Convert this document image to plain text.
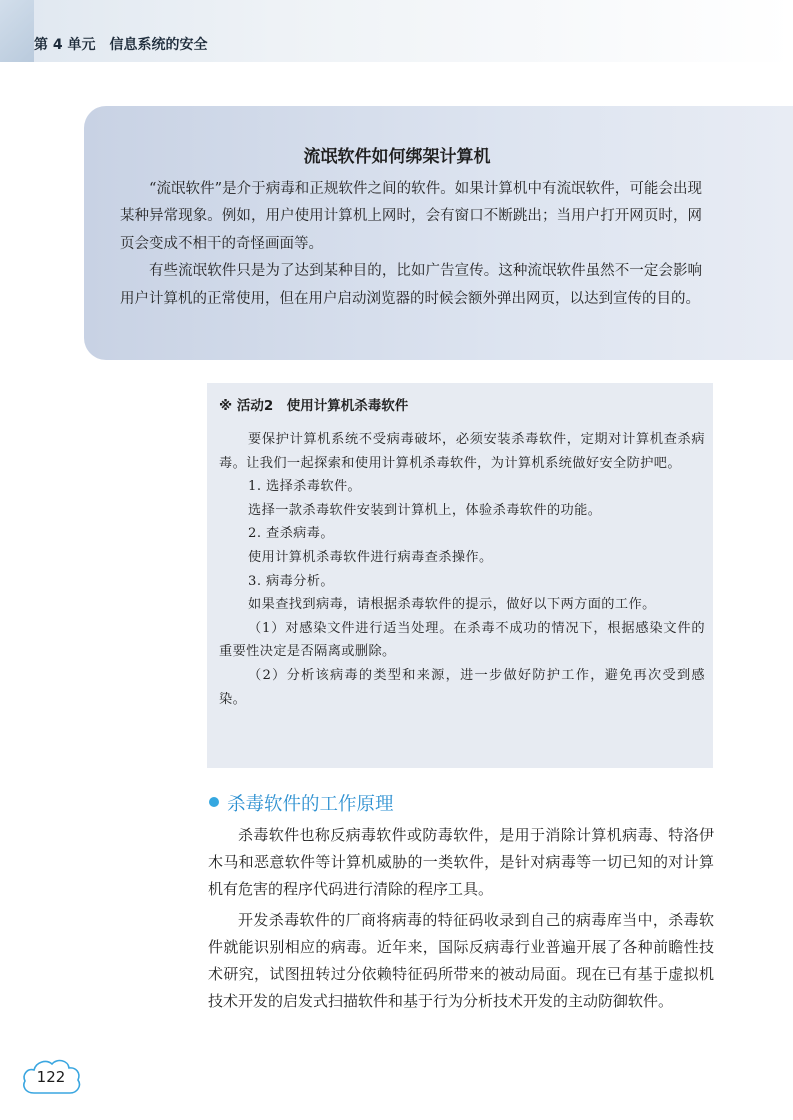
第 4 单元　信息系统的安全
流氓软件如何绑架计算机

“流氓软件”是介于病毒和正规软件之间的软件。如果计算机中有流氓软件，可能会出现某种异常现象。例如，用户使用计算机上网时，会有窗口不断跳出；当用户打开网页时，网页会变成不相干的奇怪画面等。

有些流氓软件只是为了达到某种目的，比如广告宣传。这种流氓软件虽然不一定会影响用户计算机的正常使用，但在用户启动浏览器的时候会额外弹出网页，以达到宣传的目的。

※ 活动2　使用计算机杀毒软件

要保护计算机系统不受病毒破坏，必须安装杀毒软件，定期对计算机查杀病毒。让我们一起探索和使用计算机杀毒软件，为计算机系统做好安全防护吧。

1. 选择杀毒软件。

选择一款杀毒软件安装到计算机上，体验杀毒软件的功能。

2. 查杀病毒。

使用计算机杀毒软件进行病毒查杀操作。

3. 病毒分析。

如果查找到病毒，请根据杀毒软件的提示，做好以下两方面的工作。

（1）对感染文件进行适当处理。在杀毒不成功的情况下，根据感染文件的重要性决定是否隔离或删除。

（2）分析该病毒的类型和来源，进一步做好防护工作，避免再次受到感染。

杀毒软件的工作原理

杀毒软件也称反病毒软件或防毒软件，是用于消除计算机病毒、特洛伊木马和恶意软件等计算机威胁的一类软件，是针对病毒等一切已知的对计算机有危害的程序代码进行清除的程序工具。

开发杀毒软件的厂商将病毒的特征码收录到自己的病毒库当中，杀毒软件就能识别相应的病毒。近年来，国际反病毒行业普遍开展了各种前瞻性技术研究，试图扭转过分依赖特征码所带来的被动局面。现在已有基于虚拟机技术开发的启发式扫描软件和基于行为分析技术开发的主动防御软件。

122
